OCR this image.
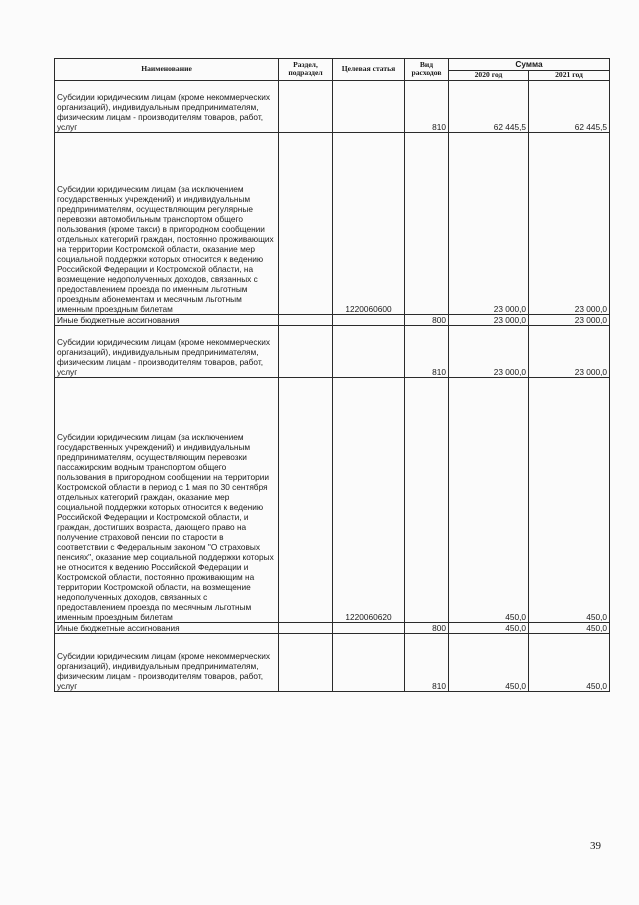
Наименование	Раздел, подраздел	Целевая статья	Вид расходов	Сумма	
				2020 год	2021 год
Субсидии юридическим лицам (кроме некоммерческих организаций), индивидуальным предпринимателям, физическим лицам - производителям товаров, работ, услуг			810	62 445,5	62 445,5
Субсидии юридическим лицам (за исключением государственных учреждений) и индивидуальным предпринимателям, осуществляющим регулярные перевозки автомобильным транспортом общего пользования (кроме такси) в пригородном сообщении отдельных категорий граждан, постоянно проживающих на территории Костромской области, оказание мер социальной поддержки которых относится к ведению Российской Федерации и Костромской области, на возмещение недополученных доходов, связанных с предоставлением проезда по именным льготным проездным абонементам и месячным льготным именным проездным билетам		1220060600		23 000,0	23 000,0
Иные бюджетные ассигнования			800	23 000,0	23 000,0
Субсидии юридическим лицам (кроме некоммерческих организаций), индивидуальным предпринимателям, физическим лицам - производителям товаров, работ, услуг			810	23 000,0	23 000,0
Субсидии юридическим лицам (за исключением государственных учреждений) и индивидуальным предпринимателям, осуществляющим перевозки пассажирским водным транспортом общего пользования в пригородном сообщении на территории Костромской области в период с 1 мая по 30 сентября отдельных категорий граждан, оказание мер социальной поддержки которых относится к ведению Российской Федерации и Костромской области, и граждан, достигших возраста, дающего право на получение страховой пенсии по старости в соответствии с Федеральным законом "О страховых пенсиях", оказание мер социальной поддержки которых не относится к ведению Российской Федерации и Костромской области, постоянно проживающим на территории Костромской области, на возмещение недополученных доходов, связанных с предоставлением проезда по месячным льготным именным проездным билетам		1220060620		450,0	450,0
Иные бюджетные ассигнования			800	450,0	450,0
Субсидии юридическим лицам (кроме некоммерческих организаций), индивидуальным предпринимателям, физическим лицам - производителям товаров, работ, услуг			810	450,0	450,0
39
